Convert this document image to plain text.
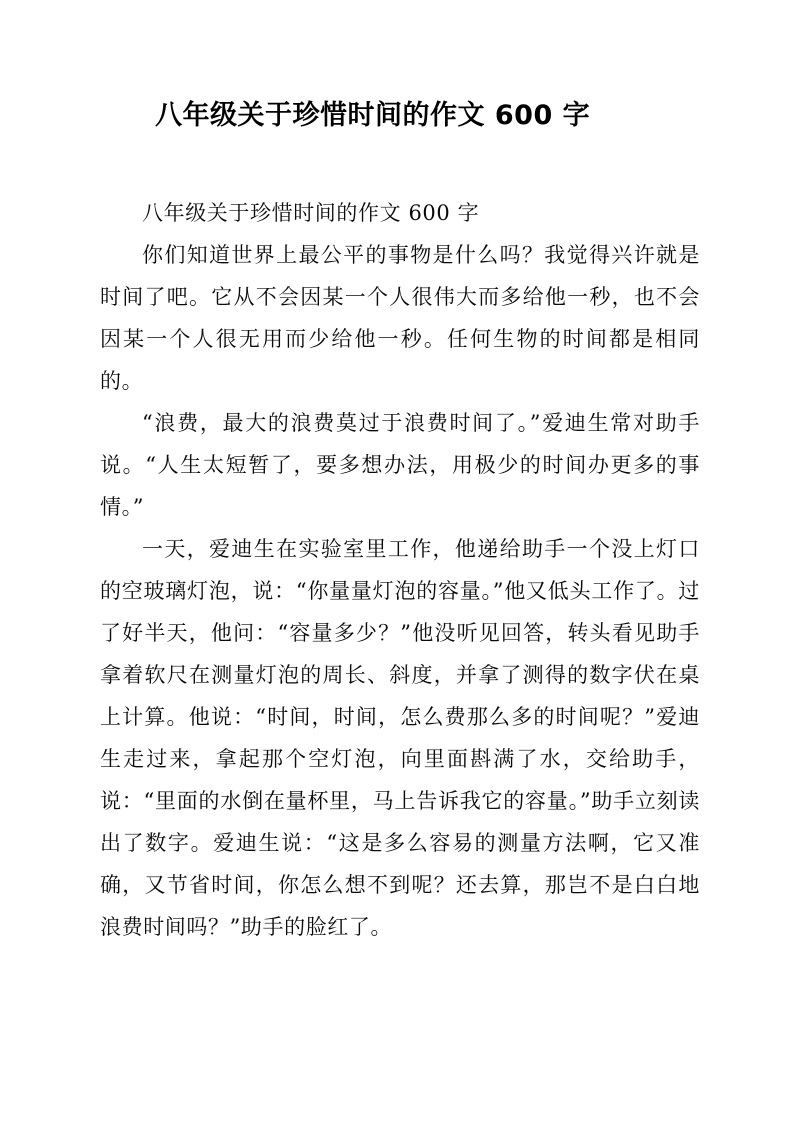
八年级关于珍惜时间的作文 600 字

八年级关于珍惜时间的作文 600 字

你们知道世界上最公平的事物是什么吗？我觉得兴许就是时间了吧。它从不会因某一个人很伟大而多给他一秒，也不会因某一个人很无用而少给他一秒。任何生物的时间都是相同的。

“浪费，最大的浪费莫过于浪费时间了。”爱迪生常对助手说。“人生太短暂了，要多想办法，用极少的时间办更多的事情。”

一天，爱迪生在实验室里工作，他递给助手一个没上灯口的空玻璃灯泡，说：“你量量灯泡的容量。”他又低头工作了。过了好半天，他问：“容量多少？”他没听见回答，转头看见助手拿着软尺在测量灯泡的周长、斜度，并拿了测得的数字伏在桌上计算。他说：“时间，时间，怎么费那么多的时间呢？”爱迪生走过来，拿起那个空灯泡，向里面斟满了水，交给助手，说：“里面的水倒在量杯里，马上告诉我它的容量。”助手立刻读出了数字。爱迪生说：“这是多么容易的测量方法啊，它又准确，又节省时间，你怎么想不到呢？还去算，那岂不是白白地浪费时间吗？”助手的脸红了。
